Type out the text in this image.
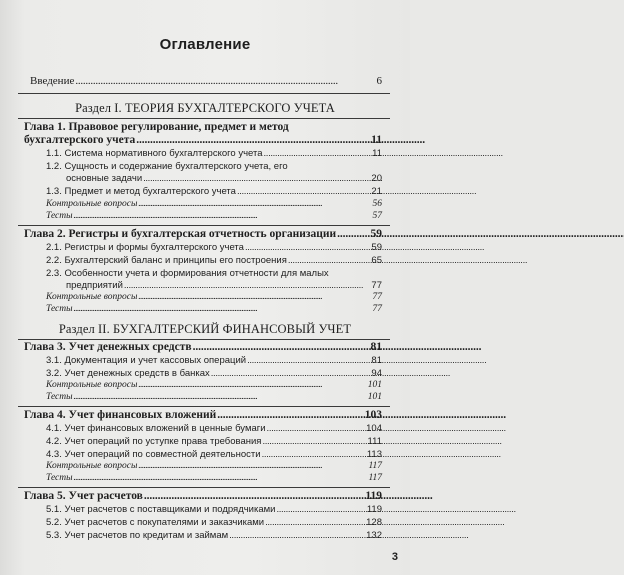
​
Оглавление
Введение . . .	6
Раздел I. ТЕОРИЯ БУХГАЛТЕРСКОГО УЧЕТА
Глава 1. Правовое регулирование, предмет и метод
бухгалтерского учета . . .	11
1.1. Система нормативного бухгалтерского учета . . .	11
1.2. Сущность и содержание бухгалтерского учета, его
основные задачи . . .	20
1.3. Предмет и метод бухгалтерского учета . . .	21
Контрольные вопросы . . .	56
Тесты . . .	57
Глава 2. Регистры и бухгалтерская отчетность организации . . .	59
2.1. Регистры и формы бухгалтерского учета . . .	59
2.2. Бухгалтерский баланс и принципы его построения . . .	65
2.3. Особенности учета и формирования отчетности для малых
предприятий . . .	77
Контрольные вопросы . . .	77
Тесты . . .	77
Раздел II. БУХГАЛТЕРСКИЙ ФИНАНСОВЫЙ УЧЕТ
Глава 3. Учет денежных средств . . .	81
3.1. Документация и учет кассовых операций . . .	81
3.2. Учет денежных средств в банках . . .	94
Контрольные вопросы . . .	101
Тесты . . .	101
Глава 4. Учет финансовых вложений . . .	103
4.1. Учет финансовых вложений в ценные бумаги . . .	104
4.2. Учет операций по уступке права требования . . .	111
4.3. Учет операций по совместной деятельности . . .	113
Контрольные вопросы . . .	117
Тесты . . .	117
Глава 5. Учет расчетов . . .	119
5.1. Учет расчетов с поставщиками и подрядчиками . . .	119
5.2. Учет расчетов с покупателями и заказчиками . . .	128
5.3. Учет расчетов по кредитам и займам . . .	132
3
